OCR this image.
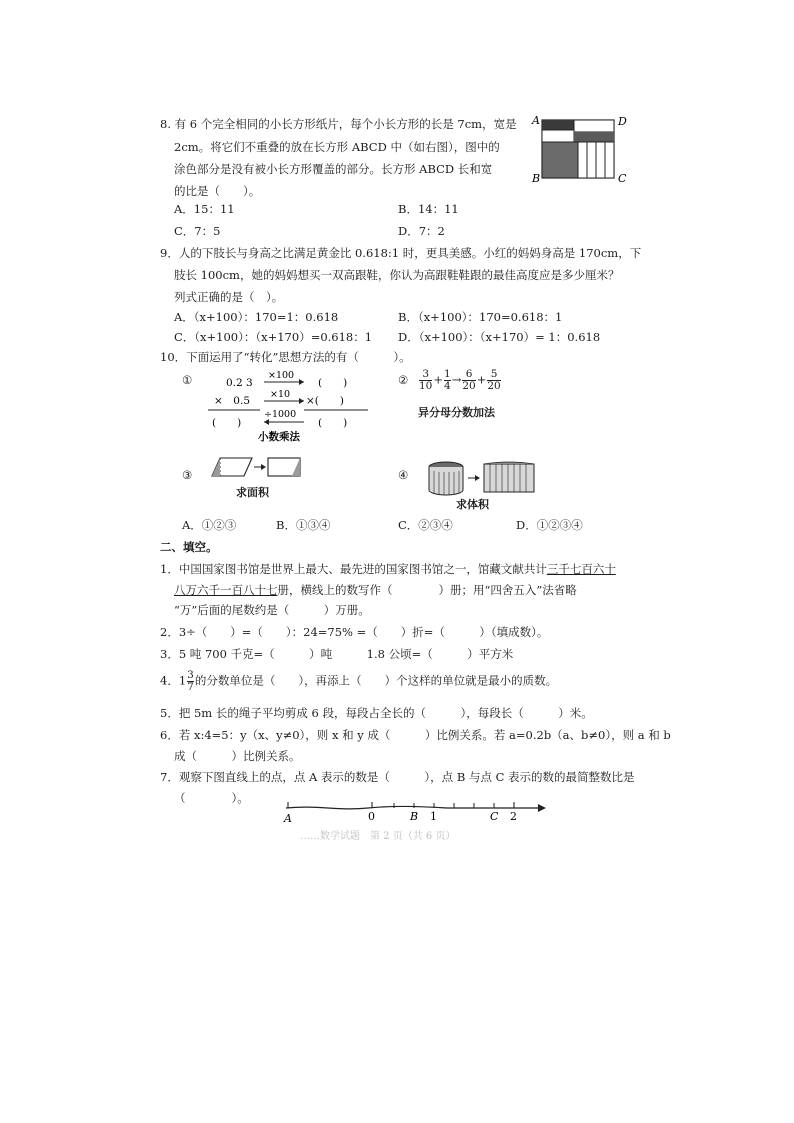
8. 有 6 个完全相同的小长方形纸片，每个小长方形的长是 7cm，宽是
2cm。将它们不重叠的放在长方形 ABCD 中（如右图），图中的
涂色部分是没有被小长方形覆盖的部分。长方形 ABCD 长和宽
的比是（　　）。
A	D
B	C
A．15：11	B．14：11
C．7：5	D．7：2
9．人的下肢长与身高之比满足黄金比 0.618:1 时，更具美感。小红的妈妈身高是 170cm，下
肢长 100cm，她的妈妈想买一双高跟鞋，你认为高跟鞋鞋跟的最佳高度应是多少厘米？
列式正确的是（　）。
A．（x+100）：170=1：0.618	B．（x+100）：170=0.618：1
C．（x+100）：（x+170）=0.618：1 D．（x+100）：（x+170）= 1：0.618
10．下面运用了“转化”思想方法的有（　　　）。
①	0.2 3
×　0.5
(　　)
×100
×10
÷1000
(　　)
×(　　)
(　　)
小数乘法
② $\frac{3}{10} + \frac{1}{4} \to \frac{6}{20} + \frac{5}{20}$
异分母分数加法
③
求面积
④
求体积
A．①②③	B．①③④	C．②③④	D．①②③④
二、填空。
1．中国国家图书馆是世界上最大、最先进的国家图书馆之一，馆藏文献共计三千七百六十
八万六千一百八十七册，横线上的数写作（　　　　）册；用“四舍五入”法省略
“万”后面的尾数约是（　　　）万册。
2．3÷（　　）=（　　）：24=75% =（　　）折=（　　　）（填成数）。
3．5 吨 700 千克=（　　　）吨　　　1.8 公顷=（　　　）平方米
4．$1 \frac{3}{7}$ 的分数单位是（　　），再添上（　　）个这样的单位就是最小的质数。
5．把 5m 长的绳子平均剪成 6 段，每段占全长的（　　　），每段长（　　　）米。
6．若 x:4=5：y（x、y≠0），则 x 和 y 成（　　　）比例关系。若 a=0.2b（a、b≠0），则 a 和 b
成（　　　）比例关系。
7．观察下图直线上的点，点 A 表示的数是（　　　），点 B 与点 C 表示的数的最简整数比是
（　　　　）。
A	0	B 1	C 2
……数学试题　第 2 页（共 6 页）
